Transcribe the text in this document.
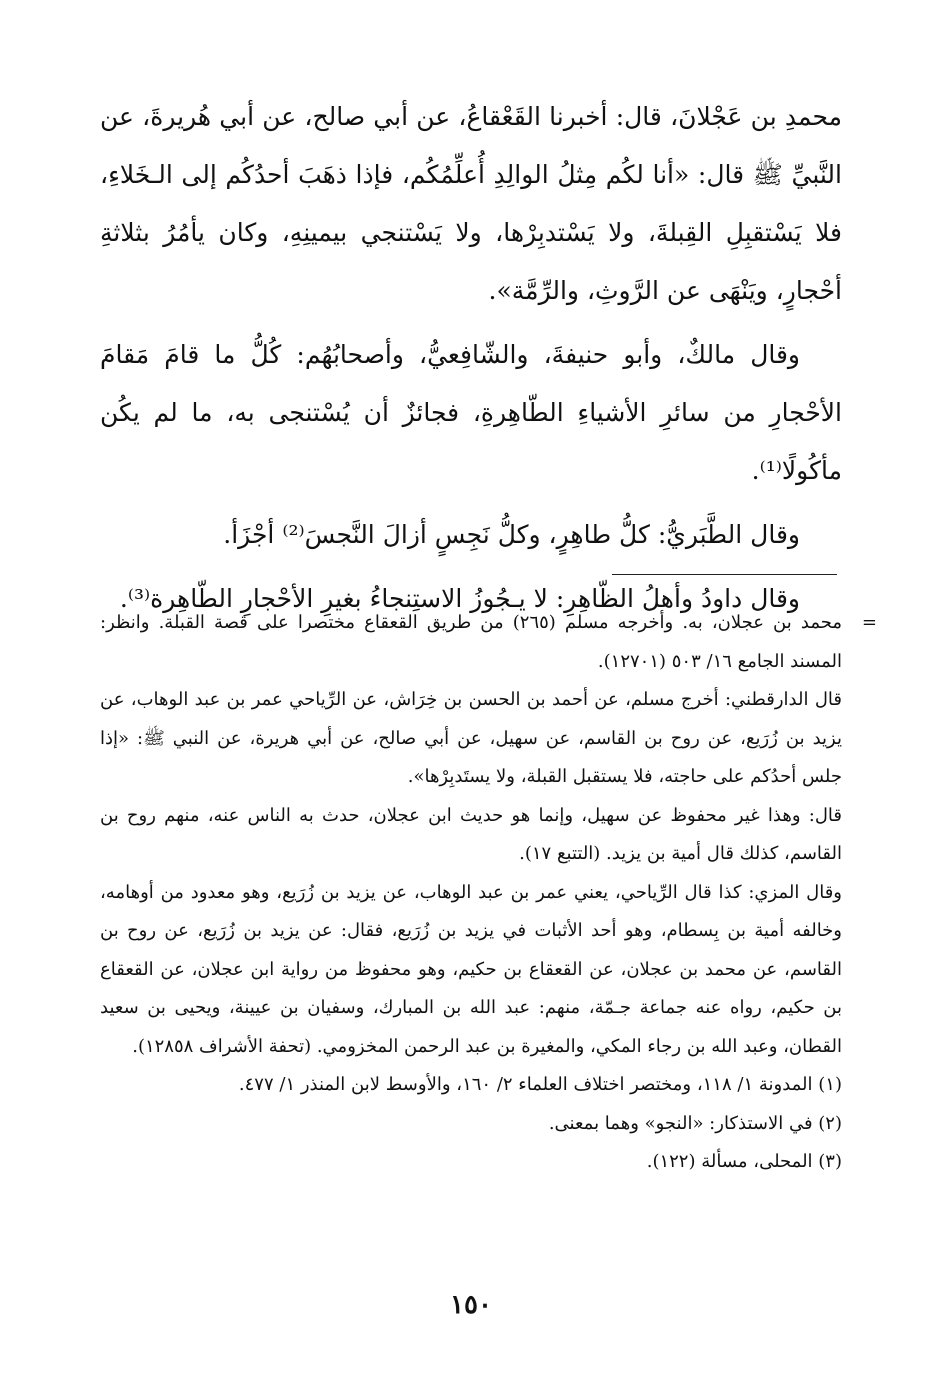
محمدِ بن عَجْلانَ، قال: أخبرنا القَعْقاعُ، عن أبي صالح، عن أبي هُريرةَ، عن النَّبيِّ ﷺ قال: «أنا لكُم مِثلُ الوالِدِ أُعلِّمُكُم، فإذا ذهَبَ أحدُكُم إلى الـخَلاءِ، فلا يَسْتقبِلِ القِبلةَ، ولا يَسْتدبِرْها، ولا يَسْتنجي بيمينِهِ، وكان يأمُرُ بثلاثةِ أحْجارٍ، ويَنْهَى عن الرَّوثِ، والرِّمَّة».

وقال مالكٌ، وأبو حنيفةَ، والشّافِعيُّ، وأصحابُهُم: كُلُّ ما قامَ مَقامَ الأحْجارِ من سائرِ الأشياءِ الطّاهِرةِ، فجائزٌ أن يُسْتنجى به، ما لم يكُن مأكُولًا⁽¹⁾.

وقال الطَّبَريُّ: كلُّ طاهِرٍ، وكلُّ نَجِسٍ أزالَ النَّجسَ⁽²⁾ أجْزَأ.

وقال داودُ وأهلُ الظّاهِرِ: لا يـجُوزُ الاستِنجاءُ بغيرِ الأحْجارِ الطّاهِرة⁽³⁾.

=

محمد بن عجلان، به. وأخرجه مسلم (٢٦٥) من طريق القعقاع مختصرا على قصة القبلة. وانظر: المسند الجامع ١٦/ ٥٠٣ (١٢٧٠١).

قال الدارقطني: أخرج مسلم، عن أحمد بن الحسن بن خِرَاش، عن الرِّياحي عمر بن عبد الوهاب، عن يزيد بن زُرَيع، عن روح بن القاسم، عن سهيل، عن أبي صالح، عن أبي هريرة، عن النبي ﷺ: «إذا جلس أحدُكم على حاجته، فلا يستقبل القبلة، ولا يستَدبِرْها».

قال: وهذا غير محفوظ عن سهيل، وإنما هو حديث ابن عجلان، حدث به الناس عنه، منهم روح بن القاسم، كذلك قال أمية بن يزيد. (التتبع ١٧).

وقال المزي: كذا قال الرِّياحي، يعني عمر بن عبد الوهاب، عن يزيد بن زُرَيع، وهو معدود من أوهامه، وخالفه أمية بن بِسطام، وهو أحد الأثبات في يزيد بن زُرَيع، فقال: عن يزيد بن زُرَيع، عن روح بن القاسم، عن محمد بن عجلان، عن القعقاع بن حكيم، وهو محفوظ من رواية ابن عجلان، عن القعقاع بن حكيم، رواه عنه جماعة جـمّة، منهم: عبد الله بن المبارك، وسفيان بن عيينة، ويحيى بن سعيد القطان، وعبد الله بن رجاء المكي، والمغيرة بن عبد الرحمن المخزومي. (تحفة الأشراف ١٢٨٥٨).

(١) المدونة ١/ ١١٨، ومختصر اختلاف العلماء ٢/ ١٦٠، والأوسط لابن المنذر ١/ ٤٧٧.

(٢) في الاستذكار: «النجو» وهما بمعنى.

(٣) المحلى، مسألة (١٢٢).

١٥٠
